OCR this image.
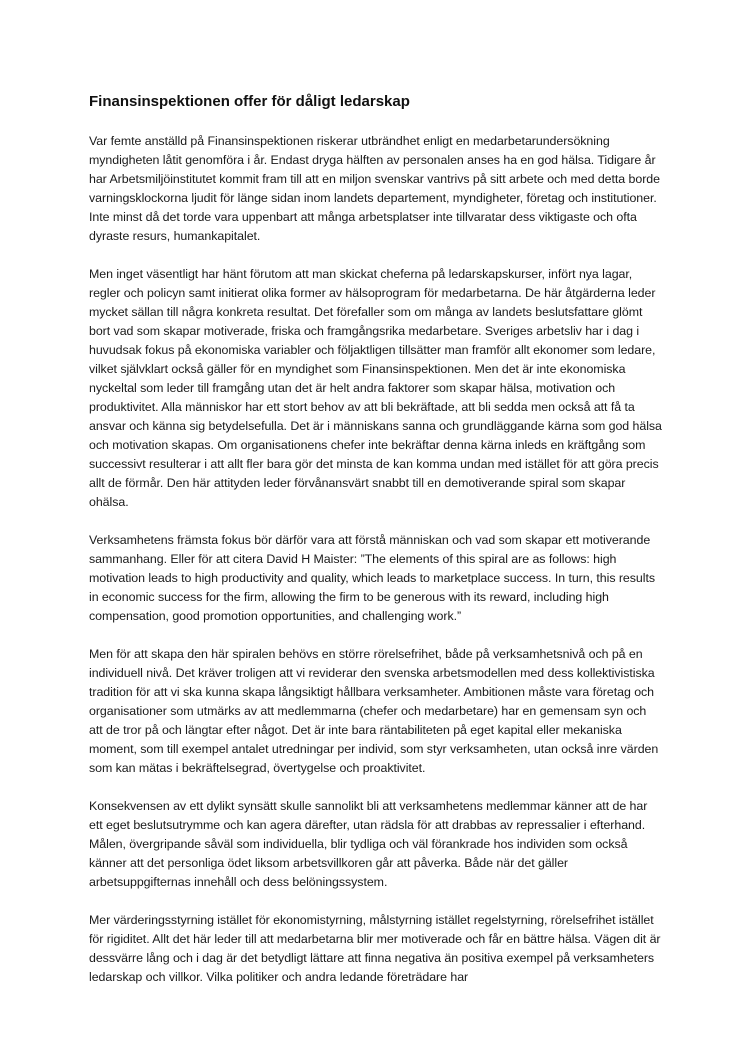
Finansinspektionen offer för dåligt ledarskap

Var femte anställd på Finansinspektionen riskerar utbrändhet enligt en medarbetarundersökning myndigheten låtit genomföra i år. Endast dryga hälften av personalen anses ha en god hälsa. Tidigare år har Arbetsmiljöinstitutet kommit fram till att en miljon svenskar vantrivs på sitt arbete och med detta borde varningsklockorna ljudit för länge sidan inom landets departement, myndigheter, företag och institutioner. Inte minst då det torde vara uppenbart att många arbetsplatser inte tillvaratar dess viktigaste och ofta dyraste resurs, humankapitalet.

Men inget väsentligt har hänt förutom att man skickat cheferna på ledarskapskurser, infört nya lagar, regler och policyn samt initierat olika former av hälsoprogram för medarbetarna. De här åtgärderna leder mycket sällan till några konkreta resultat. Det förefaller som om många av landets beslutsfattare glömt bort vad som skapar motiverade, friska och framgångsrika medarbetare. Sveriges arbetsliv har i dag i huvudsak fokus på ekonomiska variabler och följaktligen tillsätter man framför allt ekonomer som ledare, vilket självklart också gäller för en myndighet som Finansinspektionen. Men det är inte ekonomiska nyckeltal som leder till framgång utan det är helt andra faktorer som skapar hälsa, motivation och produktivitet. Alla människor har ett stort behov av att bli bekräftade, att bli sedda men också att få ta ansvar och känna sig betydelsefulla. Det är i människans sanna och grundläggande kärna som god hälsa och motivation skapas. Om organisationens chefer inte bekräftar denna kärna inleds en kräftgång som successivt resulterar i att allt fler bara gör det minsta de kan komma undan med istället för att göra precis allt de förmår. Den här attityden leder förvånansvärt snabbt till en demotiverande spiral som skapar ohälsa.

Verksamhetens främsta fokus bör därför vara att förstå människan och vad som skapar ett motiverande sammanhang. Eller för att citera David H Maister: ”The elements of this spiral are as follows: high motivation leads to high productivity and quality, which leads to marketplace success. In turn, this results in economic success for the firm, allowing the firm to be generous with its reward, including high compensation, good promotion opportunities, and challenging work.”

Men för att skapa den här spiralen behövs en större rörelsefrihet, både på verksamhetsnivå och på en individuell nivå. Det kräver troligen att vi reviderar den svenska arbetsmodellen med dess kollektivistiska tradition för att vi ska kunna skapa långsiktigt hållbara verksamheter. Ambitionen måste vara företag och organisationer som utmärks av att medlemmarna (chefer och medarbetare) har en gemensam syn och att de tror på och längtar efter något. Det är inte bara räntabiliteten på eget kapital eller mekaniska moment, som till exempel antalet utredningar per individ, som styr verksamheten, utan också inre värden som kan mätas i bekräftelsegrad, övertygelse och proaktivitet.

Konsekvensen av ett dylikt synsätt skulle sannolikt bli att verksamhetens medlemmar känner att de har ett eget beslutsutrymme och kan agera därefter, utan rädsla för att drabbas av repressalier i efterhand. Målen, övergripande såväl som individuella, blir tydliga och väl förankrade hos individen som också känner att det personliga ödet liksom arbetsvillkoren går att påverka. Både när det gäller arbetsuppgifternas innehåll och dess belöningssystem.

Mer värderingsstyrning istället för ekonomistyrning, målstyrning istället regelstyrning, rörelsefrihet istället för rigiditet. Allt det här leder till att medarbetarna blir mer motiverade och får en bättre hälsa. Vägen dit är dessvärre lång och i dag är det betydligt lättare att finna negativa än positiva exempel på verksamheters ledarskap och villkor. Vilka politiker och andra ledande företrädare har
